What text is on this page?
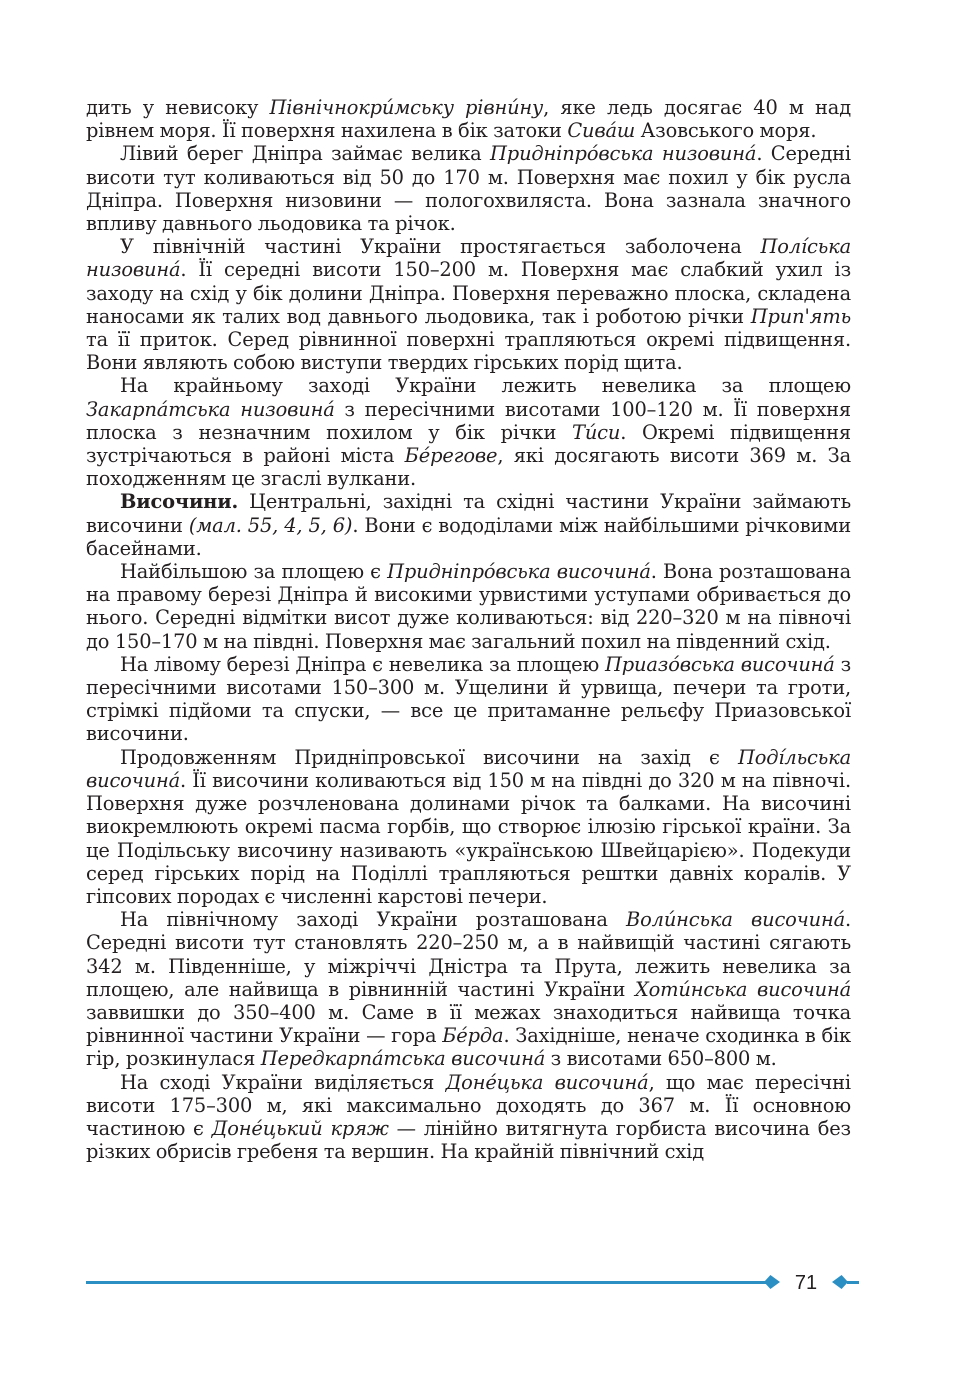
дить у невисоку Північнокри́мську рівни́ну, яке ледь досягає 40 м над рівнем моря. Її поверхня нахилена в бік затоки Сива́ш Азовського моря.

Лівий берег Дніпра займає велика Придніпро́вська низовина́. Середні висоти тут коливаються від 50 до 170 м. Поверхня має похил у бік русла Дніпра. Поверхня низовини — пологохвиляста. Вона зазнала значного впливу давнього льодовика та річок.

У північній частині України простягається заболочена Полі́ська низовина́. Її середні висоти 150–200 м. Поверхня має слабкий ухил із заходу на схід у бік долини Дніпра. Поверхня переважно плоска, складена наносами як талих вод давнього льодовика, так і роботою річки Прип'ять та її приток. Серед рівнинної поверхні трапляються окремі підвищення. Вони являють собою виступи твердих гірських порід щита.

На крайньому заході України лежить невелика за площею Закарпа́тська низовина́ з пересічними висотами 100–120 м. Її поверхня плоска з незначним похилом у бік річки Ти́си. Окремі підвищення зустрічаються в районі міста Бе́регове, які досягають висоти 369 м. За походженням це згаслі вулкани.

Височини. Центральні, західні та східні частини України займають височини (мал. 55, 4, 5, 6). Вони є вододілами між найбільшими річковими басейнами.

Найбільшою за площею є Придніпро́вська височина́. Вона розташована на правому березі Дніпра й високими урвистими уступами обривається до нього. Середні відмітки висот дуже коливаються: від 220–320 м на півночі до 150–170 м на півдні. Поверхня має загальний похил на південний схід.

На лівому березі Дніпра є невелика за площею Приазо́вська височина́ з пересічними висотами 150–300 м. Ущелини й урвища, печери та гроти, стрімкі підйоми та спуски, — все це притаманне рельєфу Приазовської височини.

Продовженням Придніпровської височини на захід є Поді́льська височина́. Її височини коливаються від 150 м на півдні до 320 м на півночі. Поверхня дуже розчленована долинами річок та балками. На височині виокремлюють окремі пасма горбів, що створює ілюзію гірської країни. За це Подільську височину називають «українською Швейцарією». Подекуди серед гірських порід на Поділлі трапляються рештки давніх коралів. У гіпсових породах є численні карстові печери.

На північному заході України розташована Воли́нська височина́. Середні висоти тут становлять 220–250 м, а в найвищій частині сягають 342 м. Південніше, у міжріччі Дністра та Прута, лежить невелика за площею, але найвища в рівнинній частині України Хоти́нська височина́ заввишки до 350–400 м. Саме в її межах знаходиться найвища точка рівнинної частини України — гора Бе́рда. Західніше, неначе сходинка в бік гір, розкинулася Передкарпа́тська височина́ з висотами 650–800 м.

На сході України виділяється Доне́цька височина́, що має пересічні висоти 175–300 м, які максимально доходять до 367 м. Її основною частиною є Доне́цький кряж — лінійно витягнута горбиста височина без різких обрисів гребеня та вершин. На крайній північний схід

71
